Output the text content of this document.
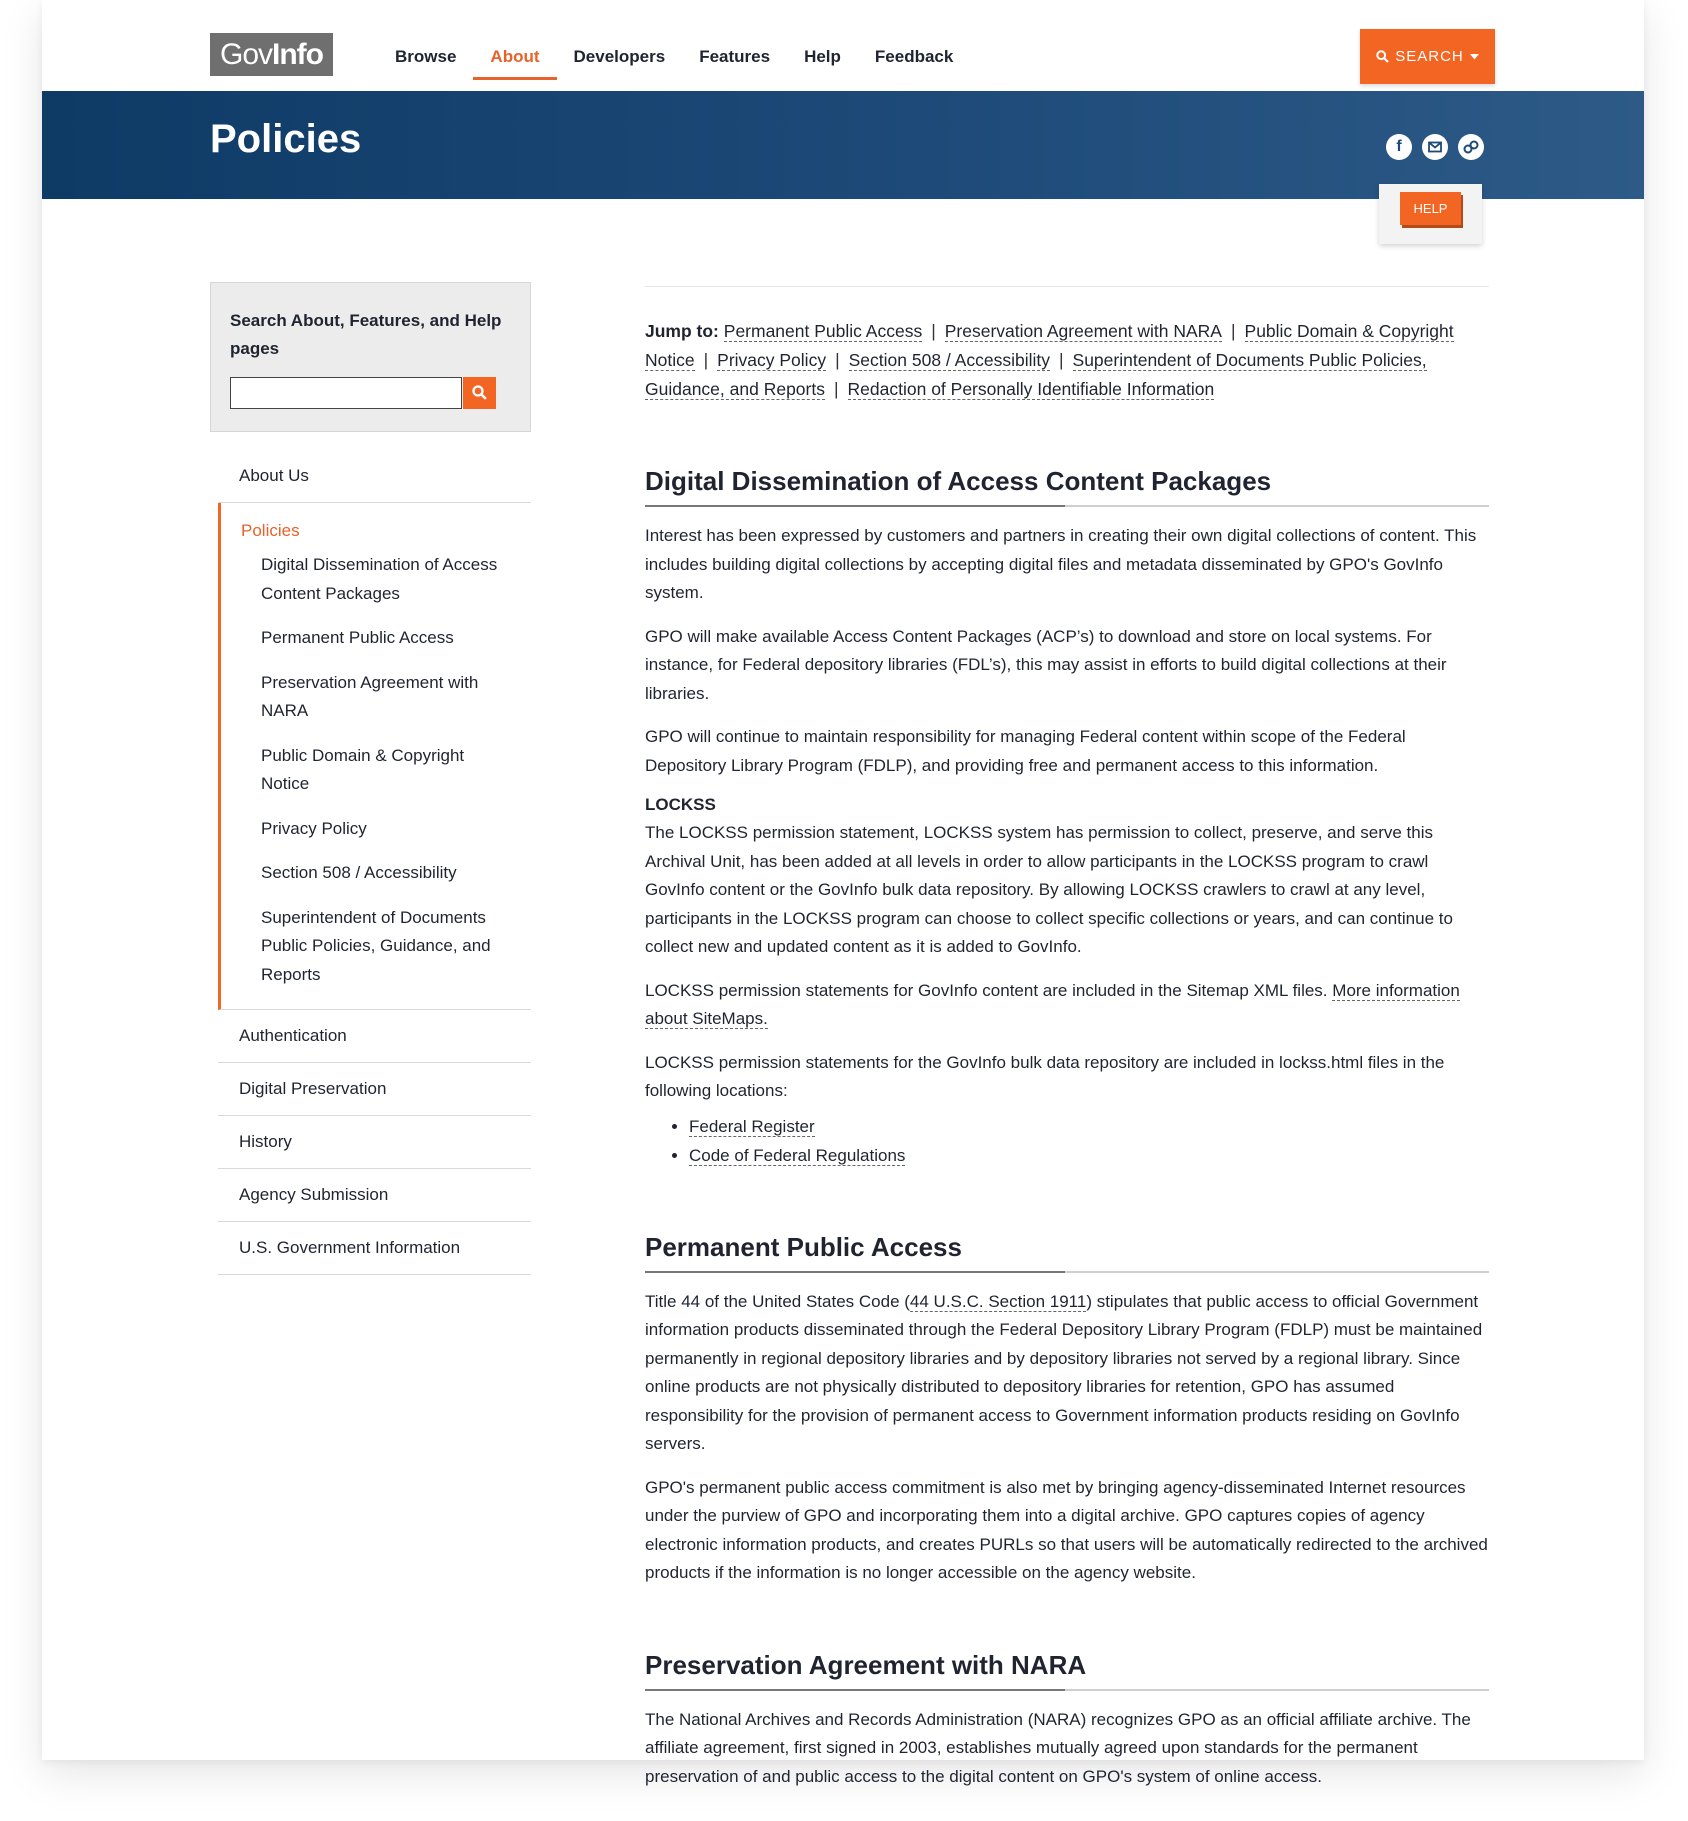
GovInfo	Browse	About	Developers	Features	Help	Feedback	SEARCH
Policies	f
HELP
Search About, Features, and Help pages
About Us
Policies
Digital Dissemination of Access Content Packages
Permanent Public Access
Preservation Agreement with NARA
Public Domain & Copyright Notice
Privacy Policy
Section 508 / Accessibility
Superintendent of Documents Public Policies, Guidance, and Reports
Authentication
Digital Preservation
History
Agency Submission
U.S. Government Information
Jump to: Permanent Public Access | Preservation Agreement with NARA | Public Domain & Copyright Notice | Privacy Policy | Section 508 / Accessibility | Superintendent of Documents Public Policies, Guidance, and Reports | Redaction of Personally Identifiable Information
Digital Dissemination of Access Content Packages
Interest has been expressed by customers and partners in creating their own digital collections of content. This includes building digital collections by accepting digital files and metadata disseminated by GPO's GovInfo system.
GPO will make available Access Content Packages (ACP’s) to download and store on local systems. For instance, for Federal depository libraries (FDL’s), this may assist in efforts to build digital collections at their libraries.
GPO will continue to maintain responsibility for managing Federal content within scope of the Federal Depository Library Program (FDLP), and providing free and permanent access to this information.
LOCKSS
The LOCKSS permission statement, LOCKSS system has permission to collect, preserve, and serve this Archival Unit, has been added at all levels in order to allow participants in the LOCKSS program to crawl GovInfo content or the GovInfo bulk data repository. By allowing LOCKSS crawlers to crawl at any level, participants in the LOCKSS program can choose to collect specific collections or years, and can continue to collect new and updated content as it is added to GovInfo.
LOCKSS permission statements for GovInfo content are included in the Sitemap XML files. More information about SiteMaps.
LOCKSS permission statements for the GovInfo bulk data repository are included in lockss.html files in the following locations:
• Federal Register
• Code of Federal Regulations
Permanent Public Access
Title 44 of the United States Code (44 U.S.C. Section 1911) stipulates that public access to official Government information products disseminated through the Federal Depository Library Program (FDLP) must be maintained permanently in regional depository libraries and by depository libraries not served by a regional library. Since online products are not physically distributed to depository libraries for retention, GPO has assumed responsibility for the provision of permanent access to Government information products residing on GovInfo servers.
GPO's permanent public access commitment is also met by bringing agency-disseminated Internet resources under the purview of GPO and incorporating them into a digital archive. GPO captures copies of agency electronic information products, and creates PURLs so that users will be automatically redirected to the archived products if the information is no longer accessible on the agency website.
Preservation Agreement with NARA
The National Archives and Records Administration (NARA) recognizes GPO as an official affiliate archive. The affiliate agreement, first signed in 2003, establishes mutually agreed upon standards for the permanent preservation of and public access to the digital content on GPO's system of online access.
